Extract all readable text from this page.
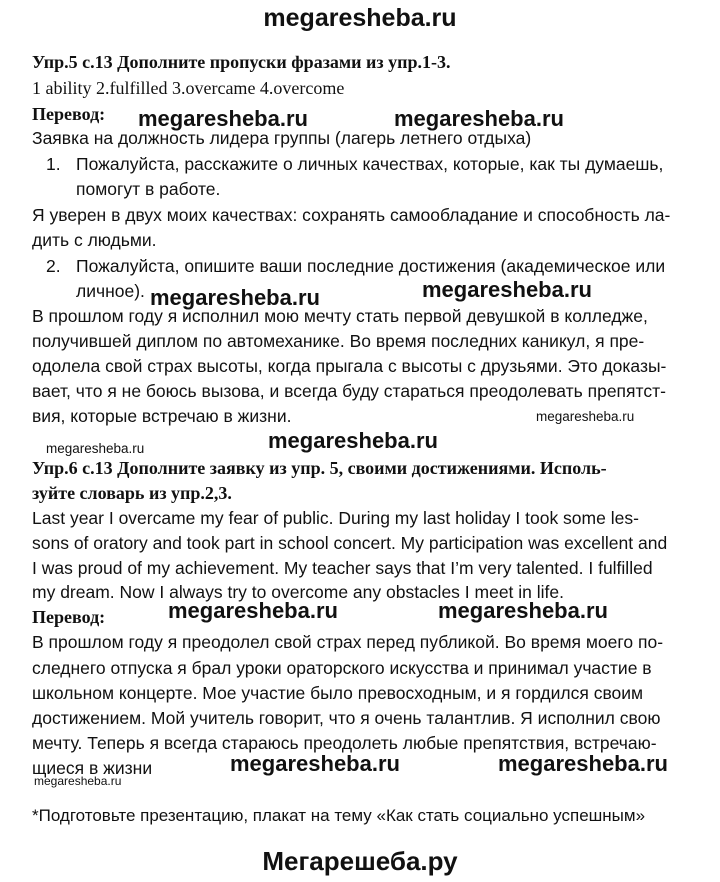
megaresheba.ru
Упр.5 с.13 Дополните пропуски фразами из упр.1-3.
1 ability 2.fulfilled 3.overcame 4.overcome
Перевод:
Заявка на должность лидера группы (лагерь летнего отдыха)
1. Пожалуйста, расскажите о личных качествах, которые, как ты думаешь,
помогут в работе.
Я уверен в двух моих качествах: сохранять самообладание и способность ла-
дить с людьми.
2. Пожалуйста, опишите ваши последние достижения (академическое или
личное).
В прошлом году я исполнил мою мечту стать первой девушкой в колледже,
получившей диплом по автомеханике. Во время последних каникул, я пре-
одолела свой страх высоты, когда прыгала с высоты с друзьями. Это доказы-
вает, что я не боюсь вызова, и всегда буду стараться преодолевать препятст-
вия, которые встречаю в жизни.
Упр.6 с.13 Дополните заявку из упр. 5, своими достижениями. Исполь-
зуйте словарь из упр.2,3.
Last year I overcame my fear of public. During my last holiday I took some les-
sons of oratory and took part in school concert. My participation was excellent and
I was proud of my achievement. My teacher says that I’m very talented. I fulfilled
my dream. Now I always try to overcome any obstacles I meet in life.
Перевод:
В прошлом году я преодолел свой страх перед публикой. Во время моего по-
следнего отпуска я брал уроки ораторского искусства и принимал участие в
школьном концерте. Мое участие было превосходным, и я гордился своим
достижением. Мой учитель говорит, что я очень талантлив. Я исполнил свою
мечту. Теперь я всегда стараюсь преодолеть любые препятствия, встречаю-
щиеся в жизни
*Подготовьте презентацию, плакат на тему «Как стать социально успешным»
Мегарешеба.ру
megaresheba.ru	megaresheba.ru
megaresheba.ru	megaresheba.ru
megaresheba.ru
megaresheba.ru	megaresheba.ru
megaresheba.ru	megaresheba.ru
megaresheba.ru	megaresheba.ru
megaresheba.ru
